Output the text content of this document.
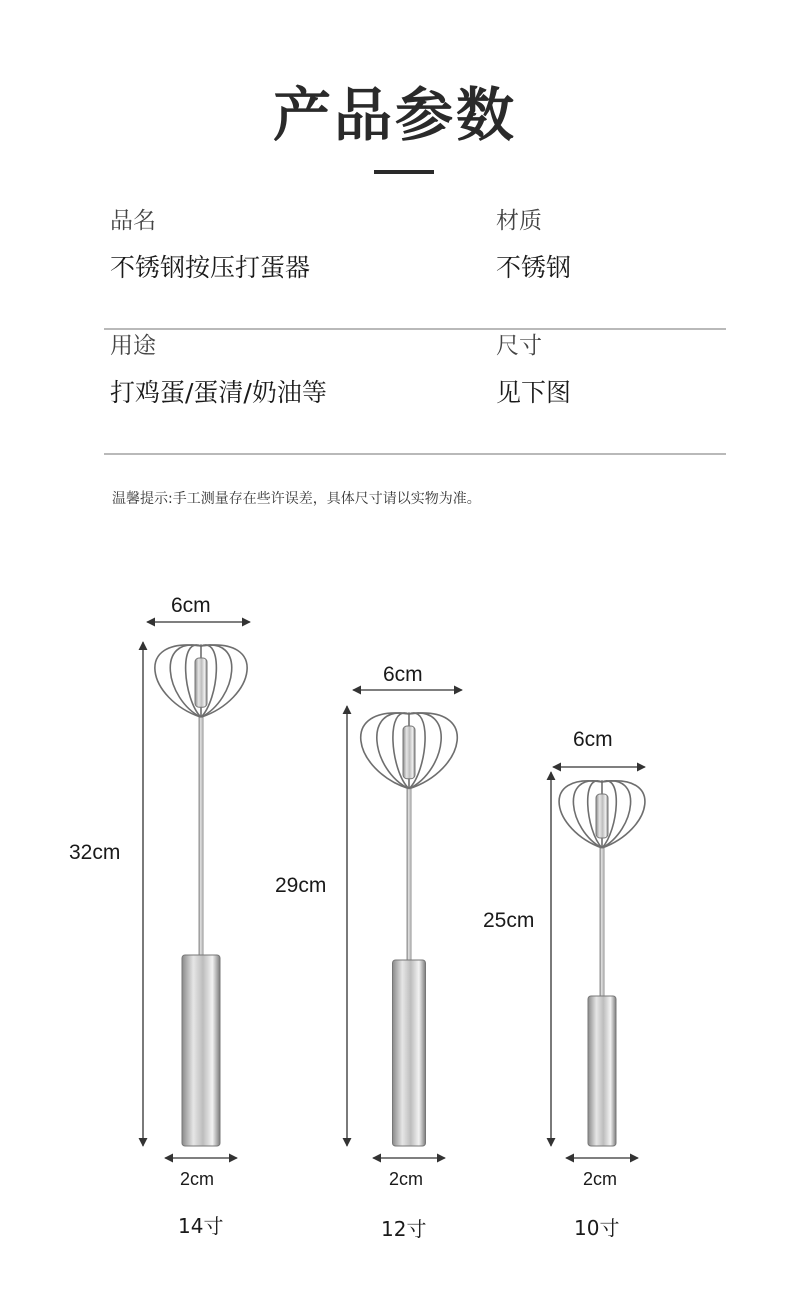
产品参数
品名
不锈钢按压打蛋器
材质
不锈钢
用途
打鸡蛋/蛋清/奶油等
尺寸
见下图
温馨提示:手工测量存在些许误差，具体尺寸请以实物为准。
6cm
32cm
2cm
14寸
6cm
29cm
2cm
12寸
6cm
25cm
2cm
10寸
